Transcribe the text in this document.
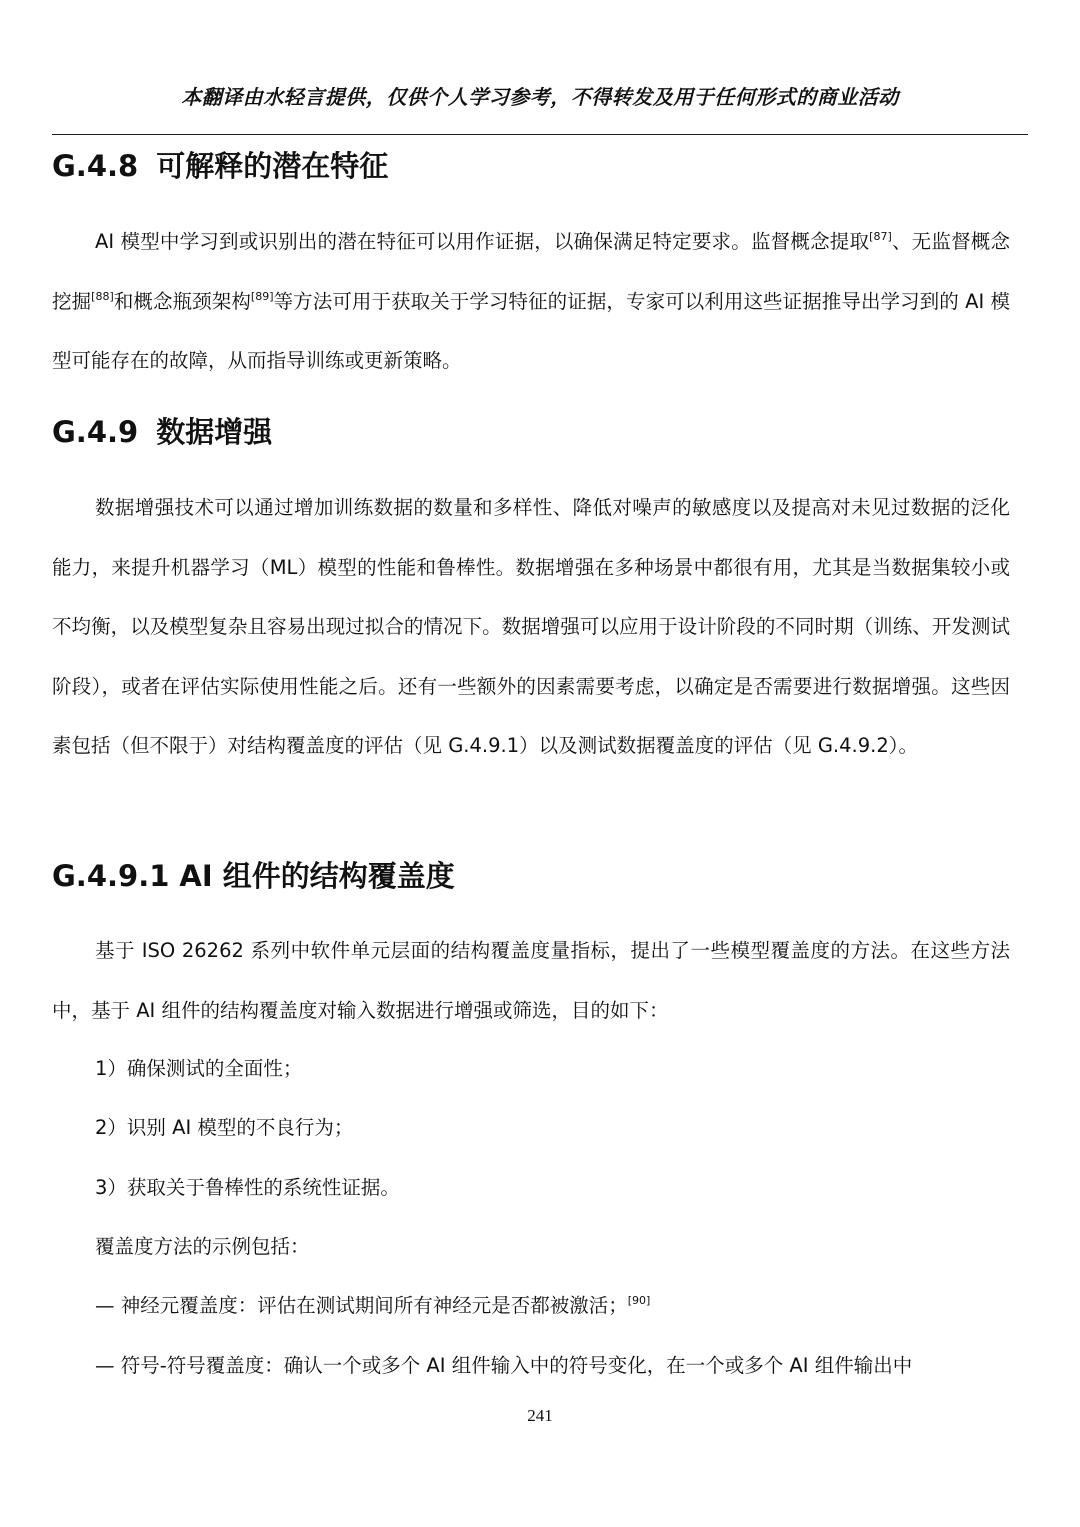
本翻译由水轻言提供，仅供个人学习参考，不得转发及用于任何形式的商业活动
G.4.8 可解释的潜在特征

AI 模型中学习到或识别出的潜在特征可以用作证据，以确保满足特定要求。监督概念提取[87]、无监督概念挖掘[88]和概念瓶颈架构[89]等方法可用于获取关于学习特征的证据，专家可以利用这些证据推导出学习到的 AI 模型可能存在的故障，从而指导训练或更新策略。

G.4.9 数据增强

数据增强技术可以通过增加训练数据的数量和多样性、降低对噪声的敏感度以及提高对未见过数据的泛化能力，来提升机器学习（ML）模型的性能和鲁棒性。数据增强在多种场景中都很有用，尤其是当数据集较小或不均衡，以及模型复杂且容易出现过拟合的情况下。数据增强可以应用于设计阶段的不同时期（训练、开发测试阶段），或者在评估实际使用性能之后。还有一些额外的因素需要考虑，以确定是否需要进行数据增强。这些因素包括（但不限于）对结构覆盖度的评估（见 G.4.9.1）以及测试数据覆盖度的评估（见 G.4.9.2）。

G.4.9.1 AI 组件的结构覆盖度

基于 ISO 26262 系列中软件单元层面的结构覆盖度量指标，提出了一些模型覆盖度的方法。在这些方法中，基于 AI 组件的结构覆盖度对输入数据进行增强或筛选，目的如下：

1）确保测试的全面性；
2）识别 AI 模型的不良行为；
3）获取关于鲁棒性的系统性证据。
覆盖度方法的示例包括：
— 神经元覆盖度：评估在测试期间所有神经元是否都被激活；[90]
— 符号-符号覆盖度：确认一个或多个 AI 组件输入中的符号变化，在一个或多个 AI 组件输出中
241
